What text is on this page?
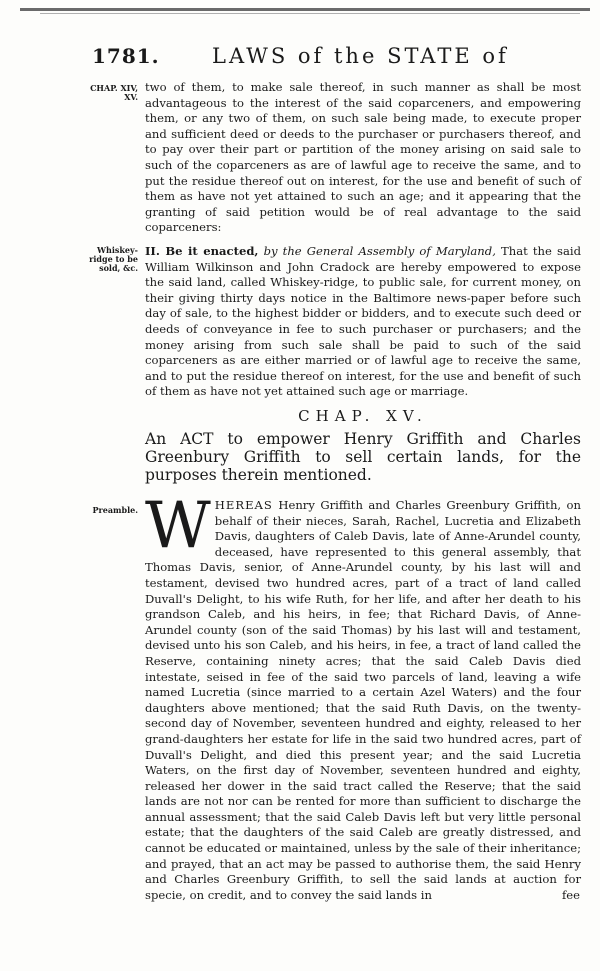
1781. LAWS of the STATE of
CHAP. XIV, XV.

two of them, to make sale thereof, in such manner as shall be most advantageous to the interest of the said coparceners, and empowering them, or any two of them, on such sale being made, to execute proper and sufficient deed or deeds to the purchaser or purchasers thereof, and to pay over their part or partition of the money arising on said sale to such of the coparceners as are of lawful age to receive the same, and to put the residue thereof out on interest, for the use and benefit of such of them as have not yet attained to such an age; and it appearing that the granting of said petition would be of real advantage to the said coparceners:

Whiskey-ridge to be sold, &c.

II. Be it enacted, by the General Assembly of Maryland, That the said William Wilkinson and John Cradock are hereby empowered to expose the said land, called Whiskey-ridge, to public sale, for current money, on their giving thirty days notice in the Baltimore news-paper before such day of sale, to the highest bidder or bidders, and to execute such deed or deeds of conveyance in fee to such purchaser or purchasers; and the money arising from such sale shall be paid to such of the said coparceners as are either married or of lawful age to receive the same, and to put the residue thereof on interest, for the use and benefit of such of them as have not yet attained such age or marriage.

CHAP. XV.

An ACT to empower Henry Griffith and Charles Greenbury Griffith to sell certain lands, for the purposes therein mentioned.

Preamble. WHEREAS Henry Griffith and Charles Greenbury Griffith, on behalf of their nieces, Sarah, Rachel, Lucretia and Elizabeth Davis, daughters of Caleb Davis, late of Anne-Arundel county, deceased, have represented to this general assembly, that Thomas Davis, senior, of Anne-Arundel county, by his last will and testament, devised two hundred acres, part of a tract of land called Duvall's Delight, to his wife Ruth, for her life, and after her death to his grandson Caleb, and his heirs, in fee; that Richard Davis, of Anne-Arundel county (son of the said Thomas) by his last will and testament, devised unto his son Caleb, and his heirs, in fee, a tract of land called the Reserve, containing ninety acres; that the said Caleb Davis died intestate, seised in fee of the said two parcels of land, leaving a wife named Lucretia (since married to a certain Azel Waters) and the four daughters above mentioned; that the said Ruth Davis, on the twenty-second day of November, seventeen hundred and eighty, released to her grand-daughters her estate for life in the said two hundred acres, part of Duvall's Delight, and died this present year; and the said Lucretia Waters, on the first day of November, seventeen hundred and eighty, released her dower in the said tract called the Reserve; that the said lands are not nor can be rented for more than sufficient to discharge the annual assessment; that the said Caleb Davis left but very little personal estate; that the daughters of the said Caleb are greatly distressed, and cannot be educated or maintained, unless by the sale of their inheritance; and prayed, that an act may be passed to authorise them, the said Henry and Charles Greenbury Griffith, to sell the said lands at auction for specie, on credit, and to convey the said lands in	fee
